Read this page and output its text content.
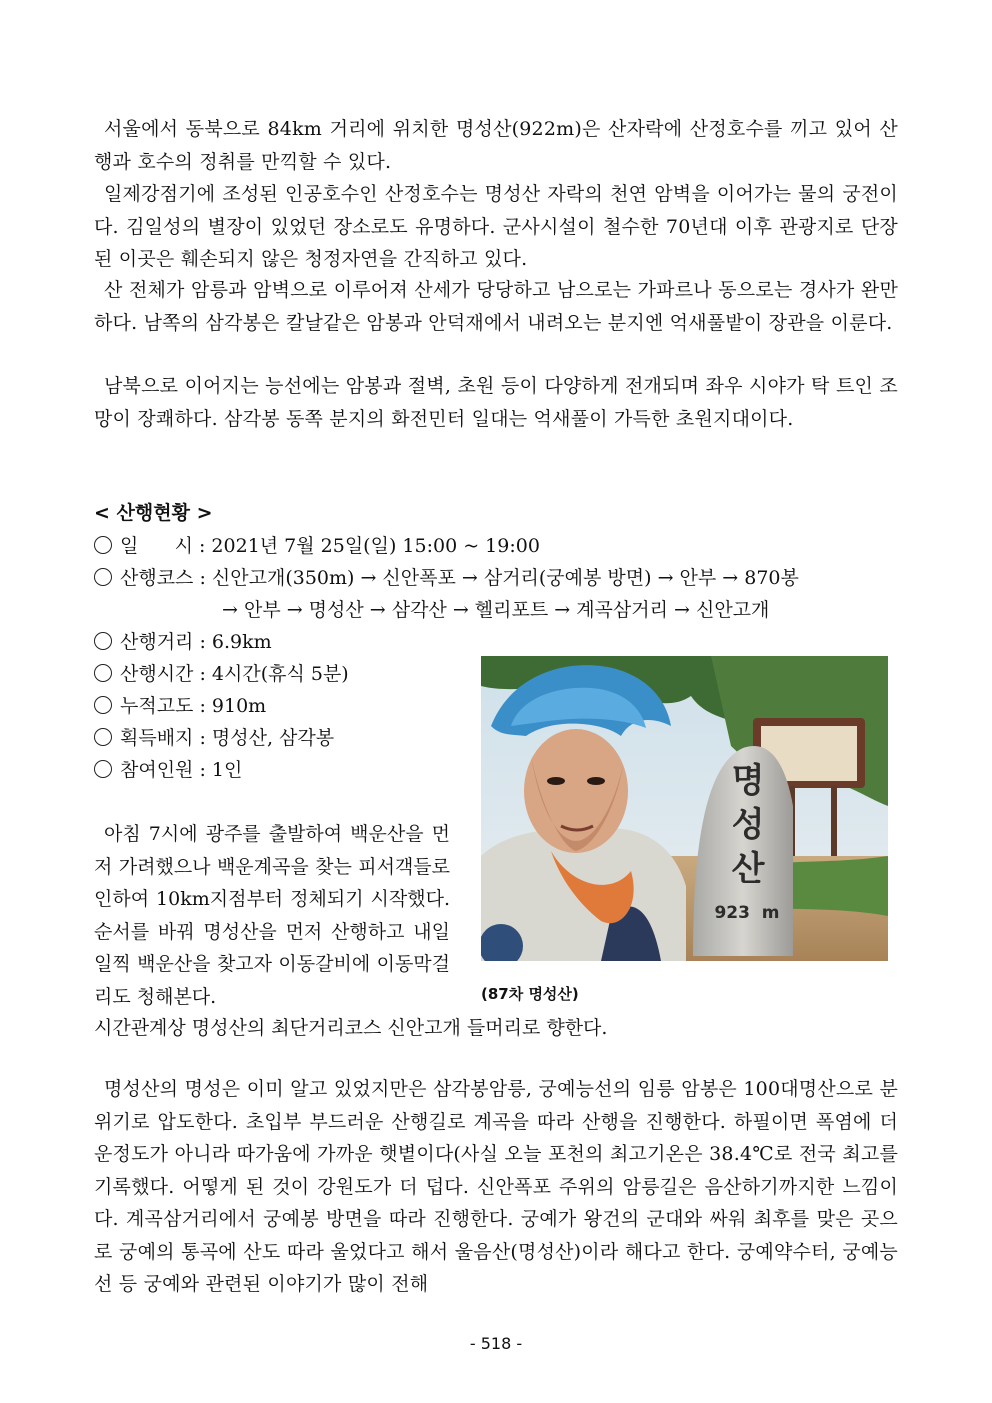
서울에서 동북으로 84km 거리에 위치한 명성산(922m)은 산자락에 산정호수를 끼고 있어 산행과 호수의 정취를 만끽할 수 있다.

일제강점기에 조성된 인공호수인 산정호수는 명성산 자락의 천연 암벽을 이어가는 물의 궁전이다. 김일성의 별장이 있었던 장소로도 유명하다. 군사시설이 철수한 70년대 이후 관광지로 단장된 이곳은 훼손되지 않은 청정자연을 간직하고 있다.

산 전체가 암릉과 암벽으로 이루어져 산세가 당당하고 남으로는 가파르나 동으로는 경사가 완만하다. 남쪽의 삼각봉은 칼날같은 암봉과 안덕재에서 내려오는 분지엔 억새풀밭이 장관을 이룬다.

남북으로 이어지는 능선에는 암봉과 절벽, 초원 등이 다양하게 전개되며 좌우 시야가 탁 트인 조망이 장쾌하다. 삼각봉 동쪽 분지의 화전민터 일대는 억새풀이 가득한 초원지대이다.

< 산행현황 >

일      시 : 2021년 7월 25일(일) 15:00 ~ 19:00

산행코스 : 신안고개(350m) → 신안폭포 → 삼거리(궁예봉 방면) → 안부 → 870봉

→ 안부 → 명성산 → 삼각산 → 헬리포트 → 계곡삼거리 → 신안고개

산행거리 : 6.9km

산행시간 : 4시간(휴식 5분)

누적고도 : 910m

획득배지 : 명성산, 삼각봉

참여인원 : 1인

아침 7시에 광주를 출발하여 백운산을 먼저 가려했으나 백운계곡을 찾는 피서객들로 인하여 10km지점부터 정체되기 시작했다. 순서를 바꿔 명성산을 먼저 산행하고 내일 일찍 백운산을 찾고자 이동갈비에 이동막걸리도 청해본다.

시간관계상 명성산의 최단거리코스 신안고개 들머리로 향한다.

명
성
산
923  m
(87차 명성산)

명성산의 명성은 이미 알고 있었지만은 삼각봉암릉, 궁예능선의 임릉 암봉은 100대명산으로 분위기로 압도한다. 초입부 부드러운 산행길로 계곡을 따라 산행을 진행한다. 하필이면 폭염에 더운정도가 아니라 따가움에 가까운 햇볕이다(사실 오늘 포천의 최고기온은 38.4℃로 전국 최고를 기록했다. 어떻게 된 것이 강원도가 더 덥다. 신안폭포 주위의 암릉길은 음산하기까지한 느낌이다. 계곡삼거리에서 궁예봉 방면을 따라 진행한다. 궁예가 왕건의 군대와 싸워 최후를 맞은 곳으로 궁예의 통곡에 산도 따라 울었다고 해서 울음산(명성산)이라 해다고 한다. 궁예약수터, 궁예능선 등 궁예와 관련된 이야기가 많이 전해

- 518 -
